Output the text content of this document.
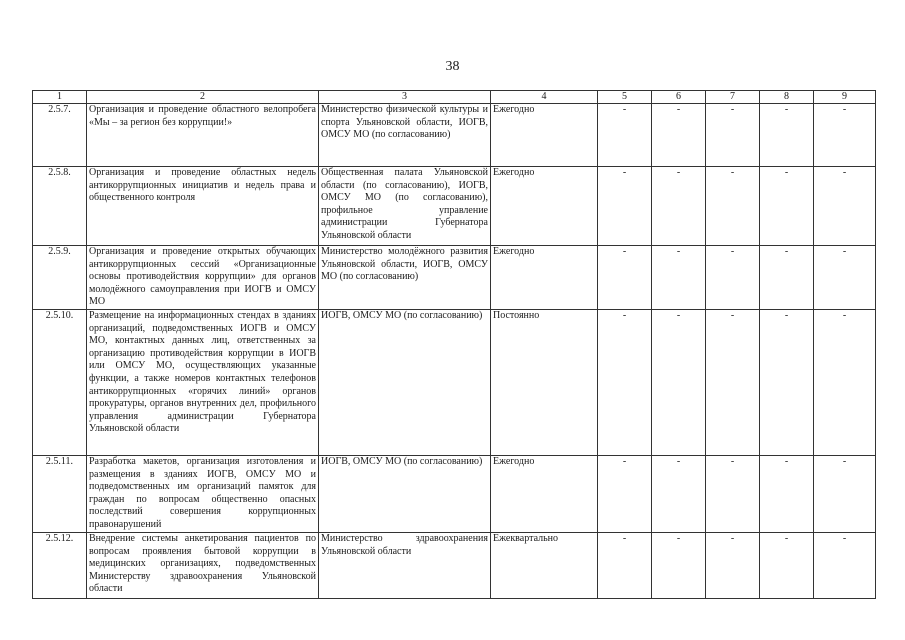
38
1	2	3	4	5	6	7	8	9
2.5.7.	Организация и проведение областного велопробега «Мы – за регион без коррупции!»	Министерство физической культуры и спорта Ульяновской области, ИОГВ, ОМСУ МО (по согласованию)	Ежегодно	-	-	-	-	-
2.5.8.	Организация и проведение областных недель антикоррупционных инициатив и недель права и общественного контроля	Общественная палата Ульяновской области (по согласованию), ИОГВ, ОМСУ МО (по согласованию), профильное управление администрации Губернатора Ульяновской области	Ежегодно	-	-	-	-	-
2.5.9.	Организация и проведение открытых обучающих антикоррупционных сессий «Организационные основы противодействия коррупции» для органов молодёжного самоуправления при ИОГВ и ОМСУ МО	Министерство молодёжного развития Ульяновской области, ИОГВ, ОМСУ МО (по согласованию)	Ежегодно	-	-	-	-	-
2.5.10.	Размещение на информационных стендах в зданиях организаций, подведомственных ИОГВ и ОМСУ МО, контактных данных лиц, ответственных за организацию противодействия коррупции в ИОГВ или ОМСУ МО, осуществляющих указанные функции, а также номеров контактных телефонов антикоррупционных «горячих линий» органов прокуратуры, органов внутренних дел, профильного управления администрации Губернатора Ульяновской области	ИОГВ, ОМСУ МО (по согласованию)	Постоянно	-	-	-	-	-
2.5.11.	Разработка макетов, организация изготовления и размещения в зданиях ИОГВ, ОМСУ МО и подведомственных им организаций памяток для граждан по вопросам общественно опасных последствий совершения коррупционных правонарушений	ИОГВ, ОМСУ МО (по согласованию)	Ежегодно	-	-	-	-	-
2.5.12.	Внедрение системы анкетирования пациентов по вопросам проявления бытовой коррупции в медицинских организациях, подведомственных Министерству здравоохранения Ульяновской области	Министерство здравоохранения Ульяновской области	Ежеквартально	-	-	-	-	-
